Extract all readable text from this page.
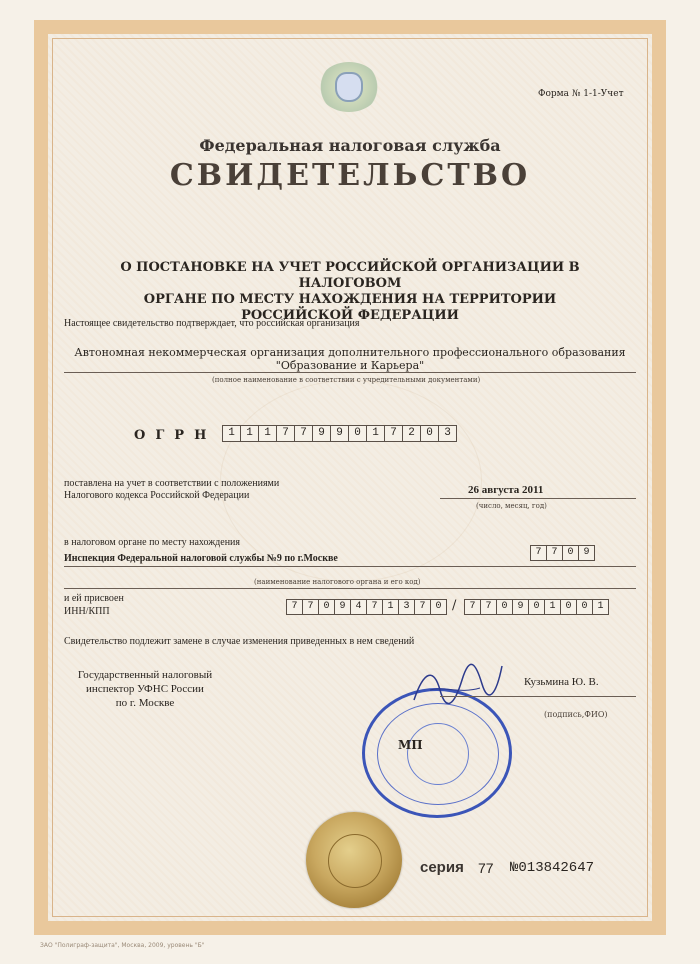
Форма № 1-1-Учет
Федеральная налоговая служба
СВИДЕТЕЛЬСТВО
О ПОСТАНОВКЕ НА УЧЕТ РОССИЙСКОЙ ОРГАНИЗАЦИИ В НАЛОГОВОМ
ОРГАНЕ ПО МЕСТУ НАХОЖДЕНИЯ НА ТЕРРИТОРИИ
РОССИЙСКОЙ ФЕДЕРАЦИИ
Настоящее свидетельство подтверждает, что российская организация
Автономная некоммерческая организация дополнительного профессионального образования
"Образование и Карьера"
(полное наименование в соответствии с учредительными документами)
ОГРН	1	1	1	7	7	9	9	0	1	7	2	0	3
поставлена на учет в соответствии с положениями
Налогового кодекса Российской Федерации	26 августа 2011
(число, месяц, год)
в налоговом органе по месту нахождения
Инспекция Федеральной налоговой службы №9 по г.Москве
7 7 0 9
(наименование налогового органа и его код)
и ей присвоен
ИНН/КПП	7 7 0 9 4 7 1 3 7 0 /	7 7 0 9 0 1 0 0 1
Свидетельство подлежит замене в случае изменения приведенных в нем сведений
Государственный налоговый
инспектор УФНС России
по г. Москве
Кузьмина Ю. В.
(подпись,ФИО)
МП
серия 77 №013842647
ЗАО "Полиграф-защита", Москва, 2009, уровень "Б"
